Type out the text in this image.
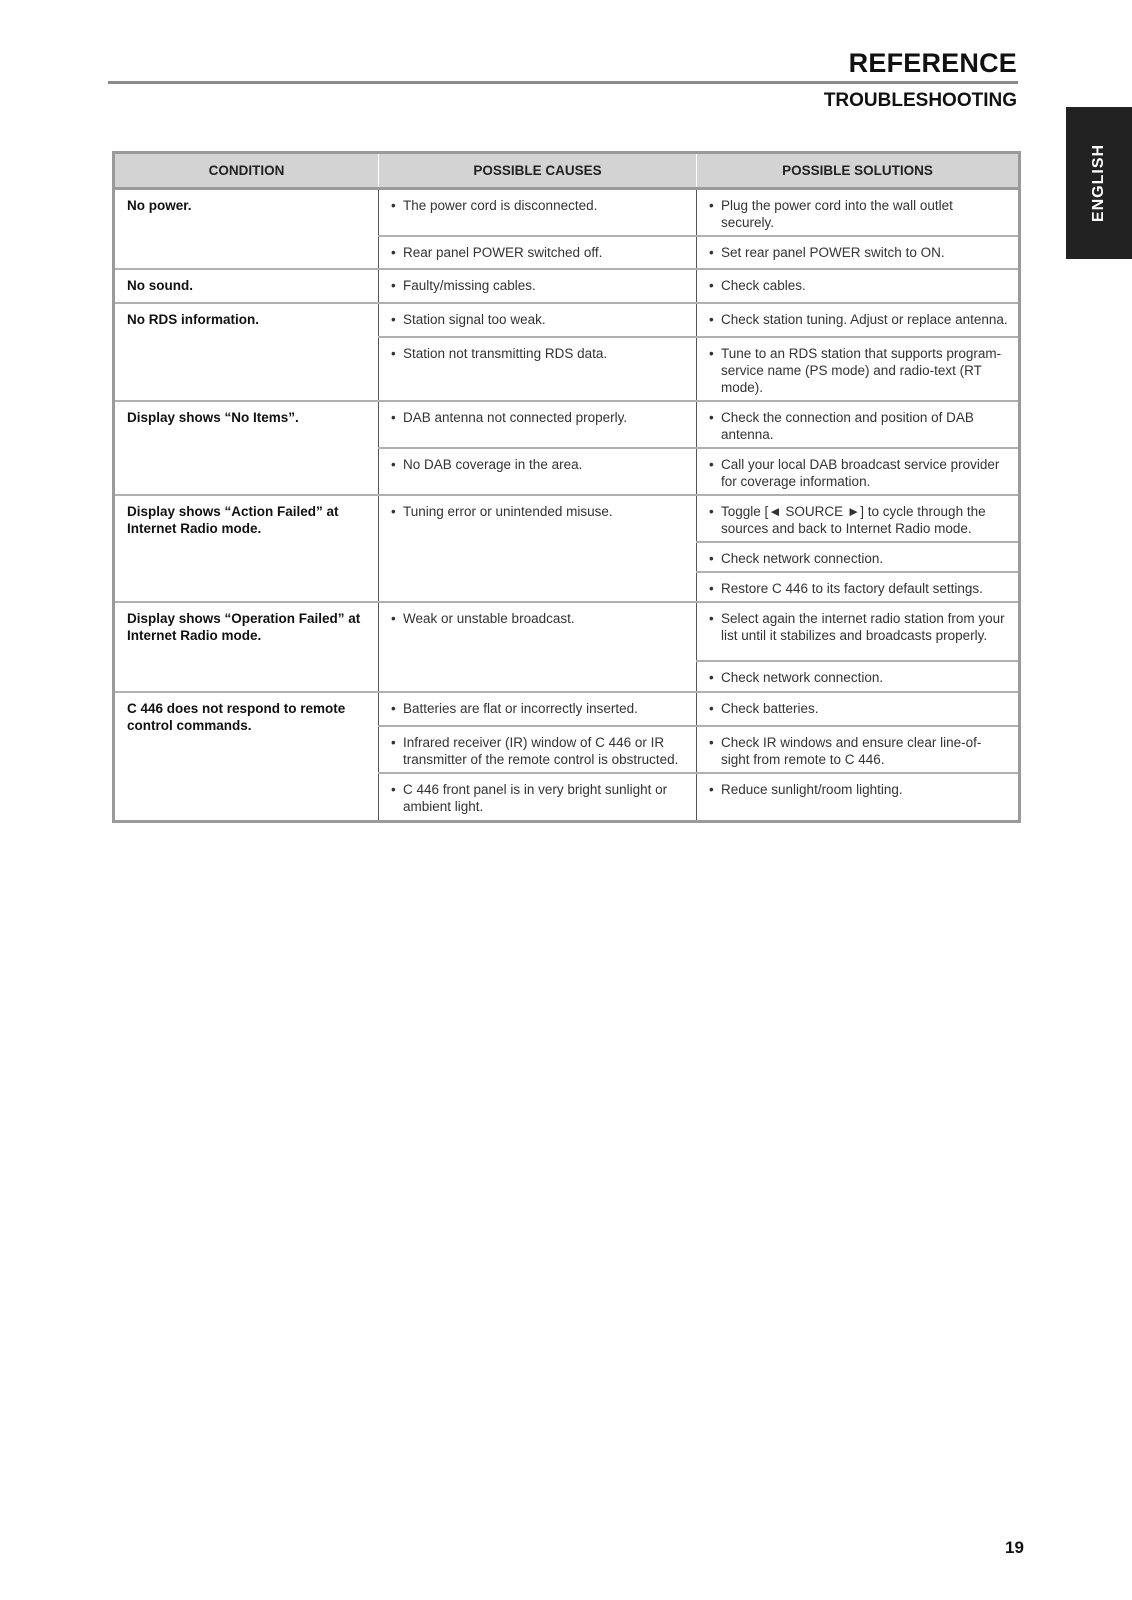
REFERENCE
TROUBLESHOOTING
ENGLISH
CONDITION	POSSIBLE CAUSES	POSSIBLE SOLUTIONS
No power.	• The power cord is disconnected.	• Plug the power cord into the wall outlet securely.

	• Rear panel POWER switched off.	• Set rear panel POWER switch to ON.

No sound.	• Faulty/missing cables.	• Check cables.

No RDS information.	• Station signal too weak.	• Check station tuning. Adjust or replace antenna.

	• Station not transmitting RDS data.	• Tune to an RDS station that supports program-service name (PS mode) and radio-text (RT mode).

Display shows “No Items”.	• DAB antenna not connected properly.	• Check the connection and position of DAB antenna.

	• No DAB coverage in the area.	• Call your local DAB broadcast service provider for coverage information.

Display shows “Action Failed” at Internet Radio mode.	• Tuning error or unintended misuse.	• Toggle [◄ SOURCE ►] to cycle through the sources and back to Internet Radio mode.

		• Check network connection.

		• Restore C 446 to its factory default settings.

Display shows “Operation Failed” at Internet Radio mode.	• Weak or unstable broadcast.	• Select again the internet radio station from your list until it stabilizes and broadcasts properly.

		• Check network connection.

C 446 does not respond to remote control commands.	• Batteries are flat or incorrectly inserted.	• Check batteries.

	• Infrared receiver (IR) window of C 446 or IR transmitter of the remote control is obstructed.	• Check IR windows and ensure clear line-of-sight from remote to C 446.

	• C 446 front panel is in very bright sunlight or ambient light.	• Reduce sunlight/room lighting.
19
